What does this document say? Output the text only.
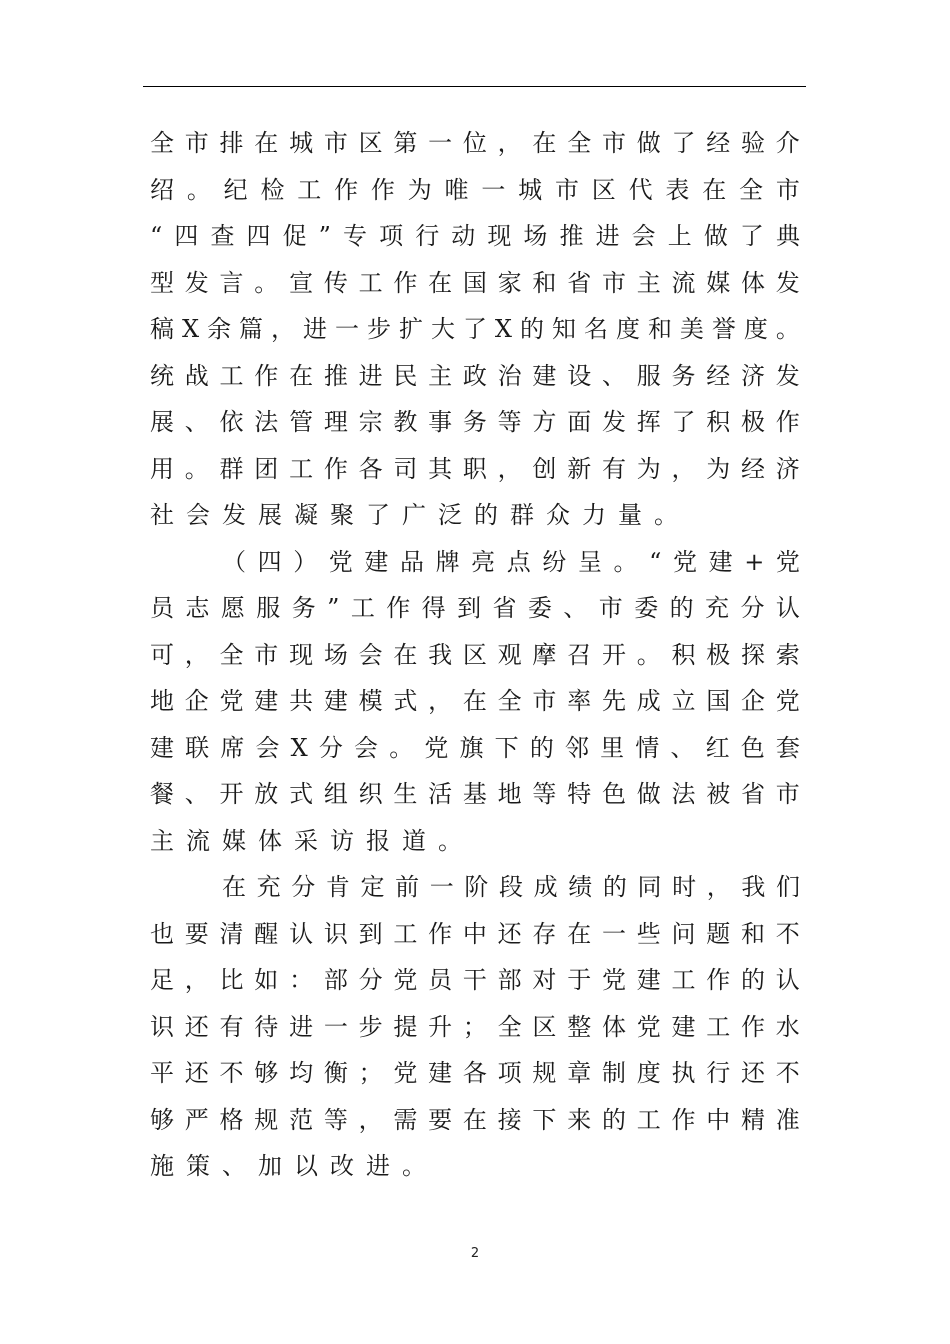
全 市 排 在 城 市 区 第 一 位 ， 在 全 市 做 了 经 验 介
绍 。 纪 检 工 作 作 为 唯 一 城 市 区 代 表 在 全 市
“ 四 查 四 促 ” 专 项 行 动 现 场 推 进 会 上 做 了 典
型 发 言 。 宣 传 工 作 在 国 家 和 省 市 主 流 媒 体 发
稿 X 余 篇 ， 进 一 步 扩 大 了 X 的 知 名 度 和 美 誉 度 。
统 战 工 作 在 推 进 民 主 政 治 建 设 、 服 务 经 济 发
展 、 依 法 管 理 宗 教 事 务 等 方 面 发 挥 了 积 极 作
用 。 群 团 工 作 各 司 其 职 ， 创 新 有 为 ， 为 经 济
社会发展凝聚了广泛的群众力量。
（ 四 ） 党 建 品 牌 亮 点 纷 呈 。 “ 党 建 + 党
员 志 愿 服 务 ” 工 作 得 到 省 委 、 市 委 的 充 分 认
可 ， 全 市 现 场 会 在 我 区 观 摩 召 开 。 积 极 探 索
地 企 党 建 共 建 模 式 ， 在 全 市 率 先 成 立 国 企 党
建 联 席 会 X 分 会 。 党 旗 下 的 邻 里 情 、 红 色 套
餐 、 开 放 式 组 织 生 活 基 地 等 特 色 做 法 被 省 市
主流媒体采访报道。
在 充 分 肯 定 前 一 阶 段 成 绩 的 同 时 ， 我 们
也 要 清 醒 认 识 到 工 作 中 还 存 在 一 些 问 题 和 不
足 ， 比 如 ： 部 分 党 员 干 部 对 于 党 建 工 作 的 认
识 还 有 待 进 一 步 提 升 ； 全 区 整 体 党 建 工 作 水
平 还 不 够 均 衡 ； 党 建 各 项 规 章 制 度 执 行 还 不
够 严 格 规 范 等 ， 需 要 在 接 下 来 的 工 作 中 精 准
施策、加以改进。
2
